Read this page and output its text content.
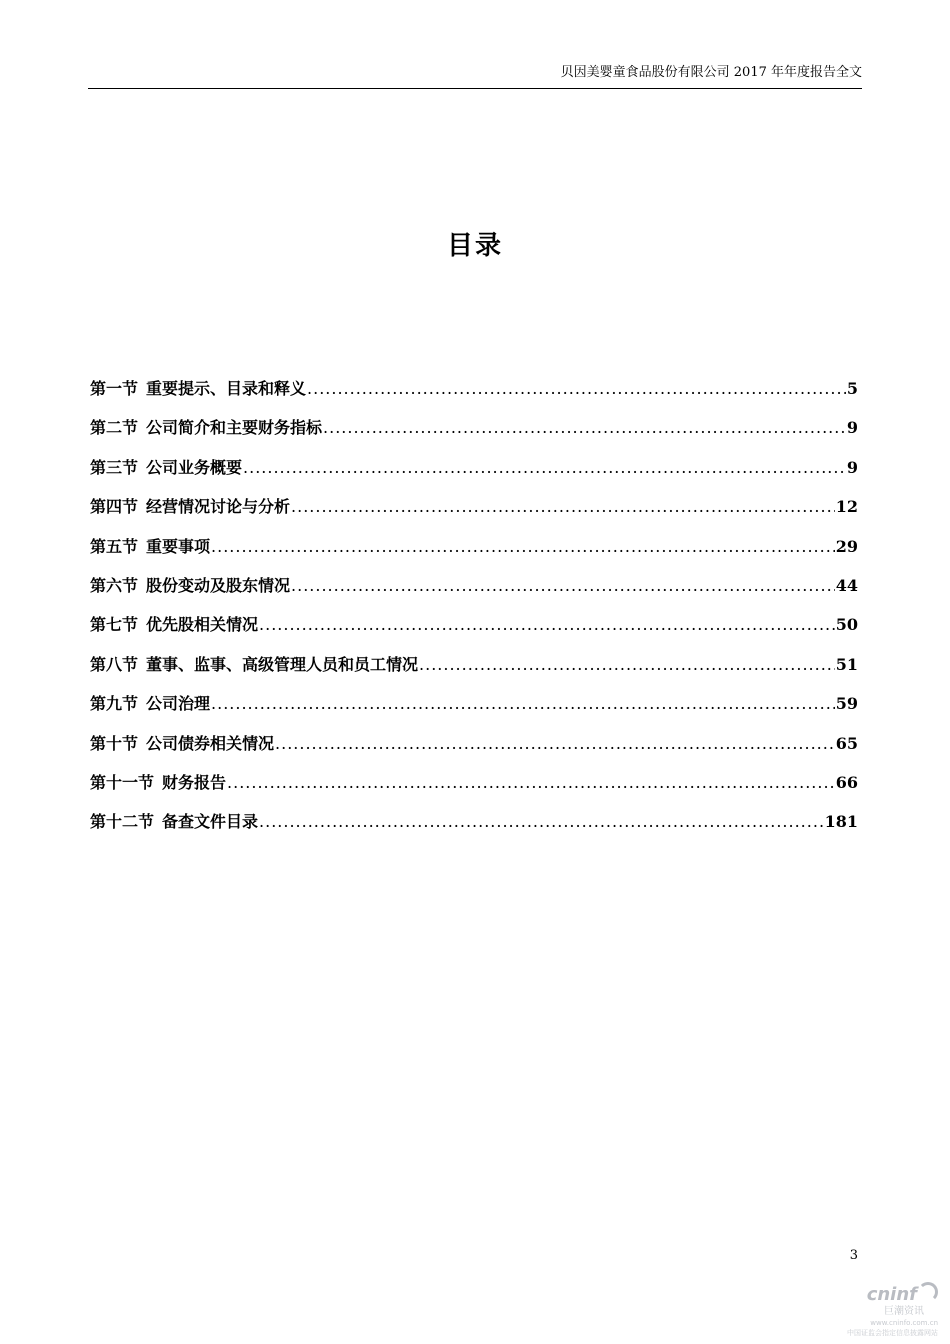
贝因美婴童食品股份有限公司 2017 年年度报告全文
目录
第一节 重要提示、目录和释义 .....	5
第二节 公司简介和主要财务指标 .....	9
第三节 公司业务概要 .....	9
第四节 经营情况讨论与分析 .....	12
第五节 重要事项 .....	29
第六节 股份变动及股东情况 .....	44
第七节 优先股相关情况 .....	50
第八节 董事、监事、高级管理人员和员工情况 .....	51
第九节 公司治理 .....	59
第十节 公司债券相关情况 .....	65
第十一节 财务报告 .....	66
第十二节 备查文件目录 .....	181
3
cninf
巨潮资讯
www.cninfo.com.cn
中国证监会指定信息披露网站
